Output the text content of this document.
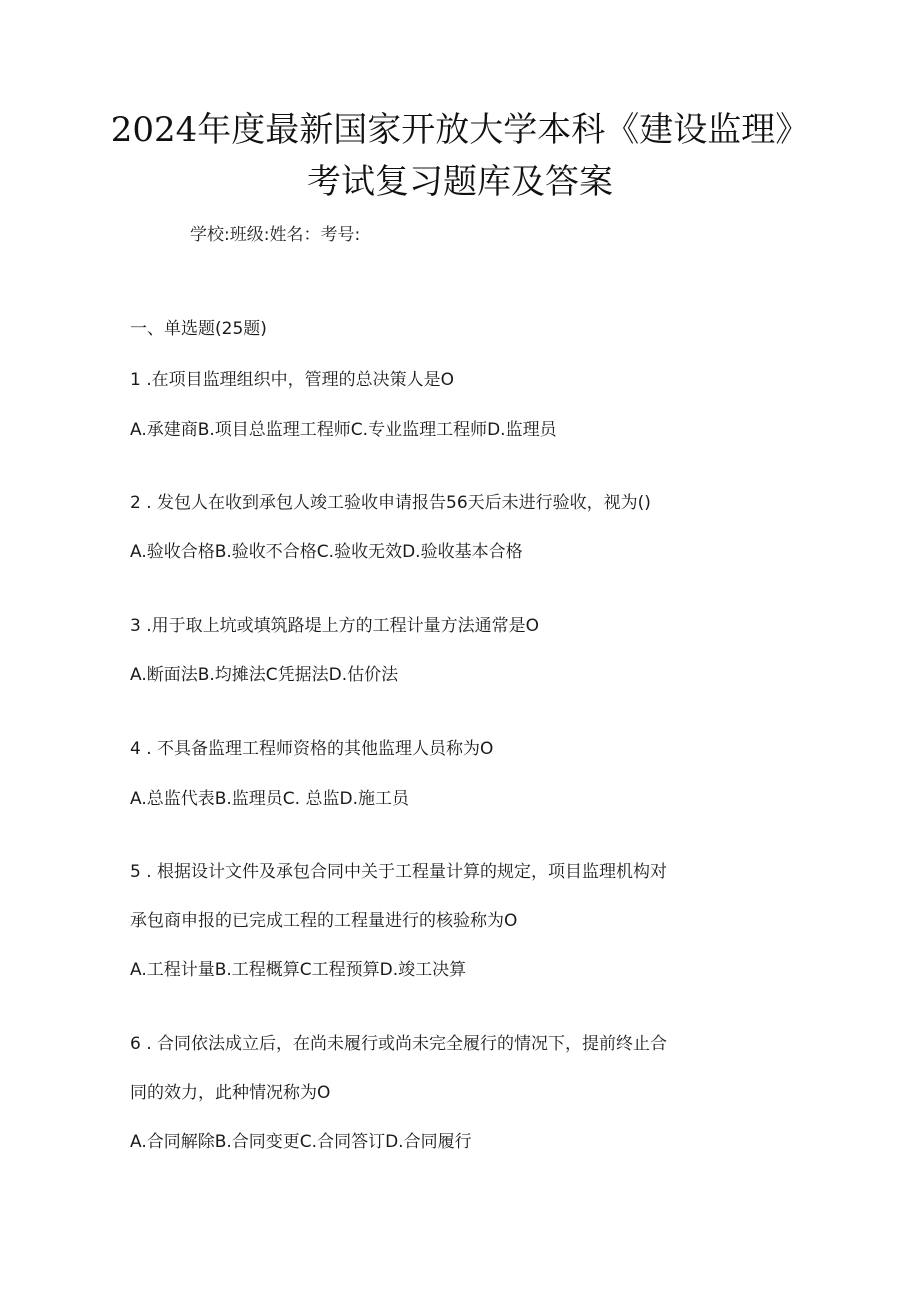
2024年度最新国家开放大学本科《建设监理》
考试复习题库及答案
学校:班级:姓名：考号:
一、单选题(25题)
1 .在项目监理组织中，管理的总决策人是O
A.承建商B.项目总监理工程师C.专业监理工程师D.监理员
2 . 发包人在收到承包人竣工验收申请报告56天后未进行验收，视为()
A.验收合格B.验收不合格C.验收无效D.验收基本合格
3 .用于取上坑或填筑路堤上方的工程计量方法通常是O
A.断面法B.均摊法C凭据法D.估价法
4 . 不具备监理工程师资格的其他监理人员称为O
A.总监代表B.监理员C. 总监D.施工员
5 . 根据设计文件及承包合同中关于工程量计算的规定，项目监理机构对
承包商申报的已完成工程的工程量进行的核验称为O
A.工程计量B.工程概算C工程预算D.竣工决算
6 . 合同依法成立后，在尚未履行或尚未完全履行的情况下，提前终止合
同的效力，此种情况称为O
A.合同解除B.合同变更C.合同答订D.合同履行
